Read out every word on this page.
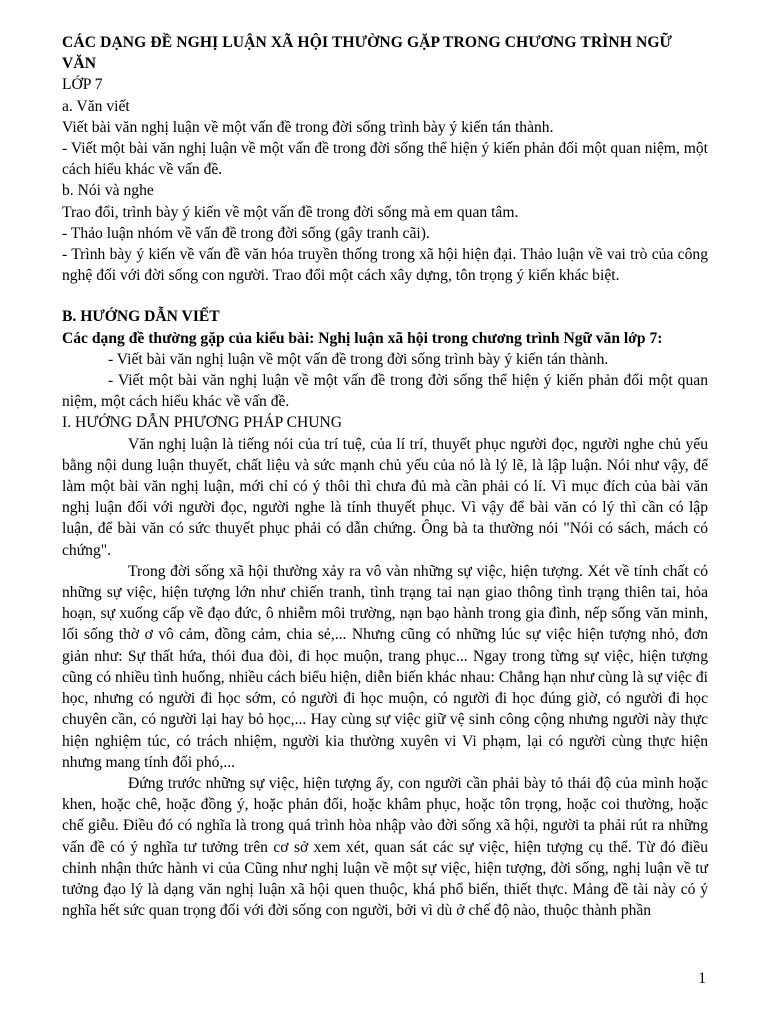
CÁC DẠNG ĐỀ NGHỊ LUẬN XÃ HỘI THƯỜNG GẶP TRONG CHƯƠNG TRÌNH NGỮ VĂN

LỚP 7

a. Văn viết

Viết bài văn nghị luận về một vấn đề trong đời sống trình bày ý kiến tán thành.

- Viết một bài văn nghị luận về một vấn đề trong đời sống thể hiện ý kiến phản đối một quan niệm, một cách hiểu khác về vấn đề.

b. Nói và nghe

Trao đổi, trình bày ý kiến về một vấn đề trong đời sống mà em quan tâm.

- Thảo luận nhóm về vấn đề trong đời sống (gây tranh cãi).

- Trình bày ý kiến về vấn đề văn hóa truyền thống trong xã hội hiện đại. Thảo luận về vai trò của công nghệ đối với đời sống con người. Trao đổi một cách xây dựng, tôn trọng ý kiến khác biệt.

B. HƯỚNG DẪN VIẾT

Các dạng đề thường gặp của kiểu bài: Nghị luận xã hội trong chương trình Ngữ văn lớp 7:

- Viết bài văn nghị luận về một vấn đề trong đời sống trình bày ý kiến tán thành.

- Viết một bài văn nghị luận về một vấn đề trong đời sống thể hiện ý kiến phản đối một quan niệm, một cách hiểu khác về vấn đề.

I. HƯỚNG DẪN PHƯƠNG PHÁP CHUNG

Văn nghị luận là tiếng nói của trí tuệ, của lí trí, thuyết phục người đọc, người nghe chủ yếu bằng nội dung luận thuyết, chất liệu và sức mạnh chủ yếu của nó là lý lẽ, là lập luận. Nói như vậy, để làm một bài văn nghị luận, mới chỉ có ý thôi thì chưa đủ mà cần phải có lí. Vì mục đích của bài văn nghị luận đối với người đọc, người nghe là tính thuyết phục. Vì vậy để bài văn có lý thì cần có lập luận, để bài văn có sức thuyết phục phải có dẫn chứng. Ông bà ta thường nói "Nói có sách, mách có chứng".

Trong đời sống xã hội thường xảy ra vô vàn những sự việc, hiện tượng. Xét về tính chất có những sự việc, hiện tượng lớn như chiến tranh, tình trạng tai nạn giao thông tình trạng thiên tai, hỏa hoạn, sự xuống cấp về đạo đức, ô nhiễm môi trường, nạn bạo hành trong gia đình, nếp sống văn minh, lối sống thờ ơ vô cảm, đồng cảm, chia sẻ,... Nhưng cũng có những lúc sự việc hiện tượng nhỏ, đơn giản như: Sự thất hứa, thói đua đòi, đi học muộn, trang phục... Ngay trong từng sự việc, hiện tượng cũng có nhiều tình huống, nhiều cách biểu hiện, diễn biến khác nhau: Chẳng hạn như cùng là sự việc đi học, nhưng có người đi học sớm, có người đi học muộn, có người đi học đúng giờ, có người đi học chuyên cần, có người lại hay bỏ học,... Hay cùng sự việc giữ vệ sinh công cộng nhưng người này thực hiện nghiệm túc, có trách nhiệm, người kia thường xuyên vi Vi phạm, lại có người cùng thực hiện nhưng mang tính đối phó,...

Đứng trước những sự việc, hiện tượng ấy, con người cần phải bày tỏ thái độ của mình hoặc khen, hoặc chê, hoặc đồng ý, hoặc phản đối, hoặc khâm phục, hoặc tôn trọng, hoặc coi thường, hoặc chế giễu. Điều đó có nghĩa là trong quá trình hòa nhập vào đời sống xã hội, người ta phải rút ra những vấn đề có ý nghĩa tư tưởng trên cơ sở xem xét, quan sát các sự việc, hiện tượng cụ thể. Từ đó điều chỉnh nhận thức hành vi của Cũng như nghị luận về một sự việc, hiện tượng, đời sống, nghị luận về tư tưởng đạo lý là dạng văn nghị luận xã hội quen thuộc, khá phổ biến, thiết thực. Mảng đề tài này có ý nghĩa hết sức quan trọng đối với đời sống con người, bởi vì dù ở chế độ nào, thuộc thành phần

1
